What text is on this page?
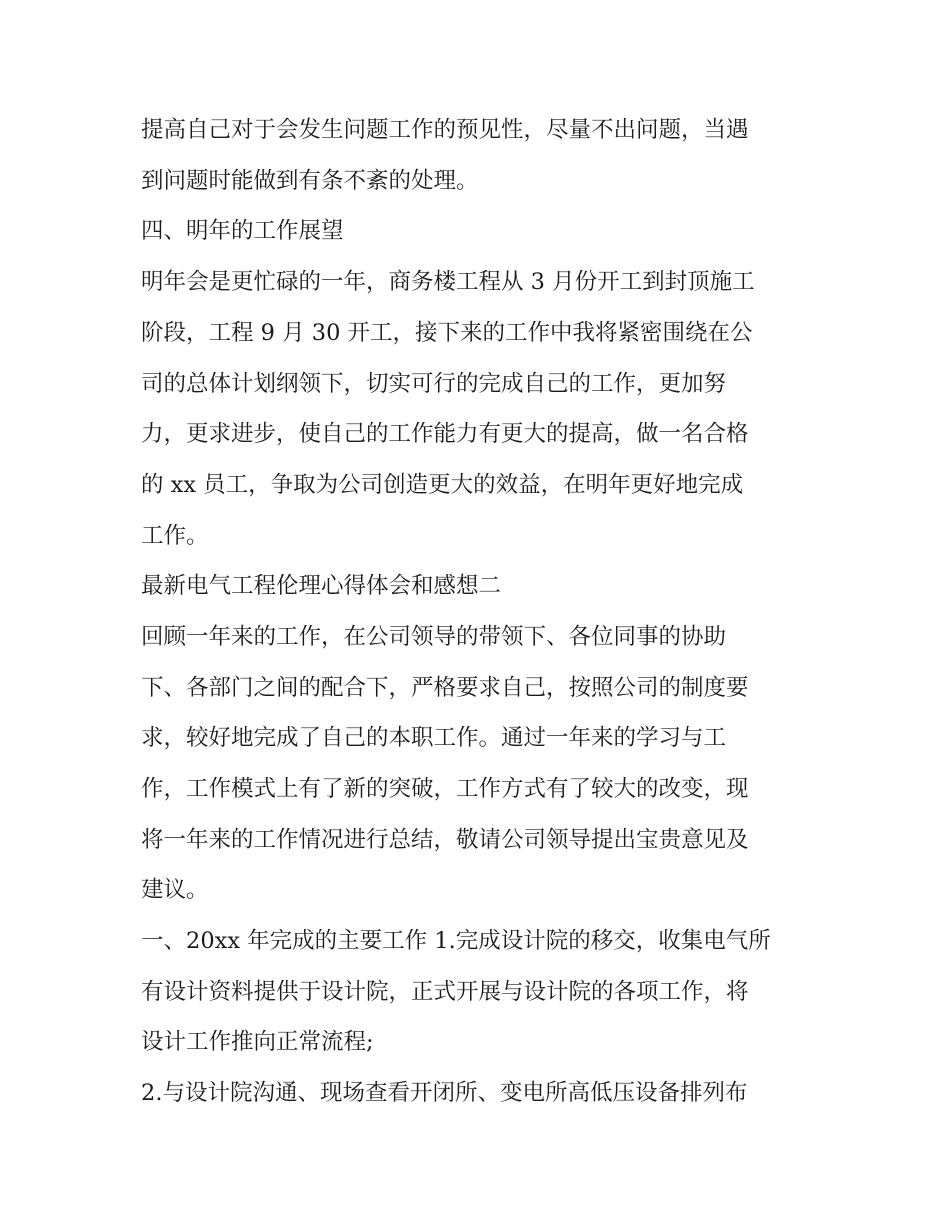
提高自己对于会发生问题工作的预见性，尽量不出问题，当遇
到问题时能做到有条不紊的处理。
四、明年的工作展望
明年会是更忙碌的一年，商务楼工程从 3 月份开工到封顶施工
阶段，工程 9 月 30 开工，接下来的工作中我将紧密围绕在公
司的总体计划纲领下，切实可行的完成自己的工作，更加努
力，更求进步，使自己的工作能力有更大的提高，做一名合格
的 xx 员工，争取为公司创造更大的效益，在明年更好地完成
工作。
最新电气工程伦理心得体会和感想二
回顾一年来的工作，在公司领导的带领下、各位同事的协助
下、各部门之间的配合下，严格要求自己，按照公司的制度要
求，较好地完成了自己的本职工作。通过一年来的学习与工
作，工作模式上有了新的突破，工作方式有了较大的改变，现
将一年来的工作情况进行总结，敬请公司领导提出宝贵意见及
建议。
一、20xx 年完成的主要工作 1.完成设计院的移交，收集电气所
有设计资料提供于设计院，正式开展与设计院的各项工作，将
设计工作推向正常流程;
2.与设计院沟通、现场查看开闭所、变电所高低压设备排列布
